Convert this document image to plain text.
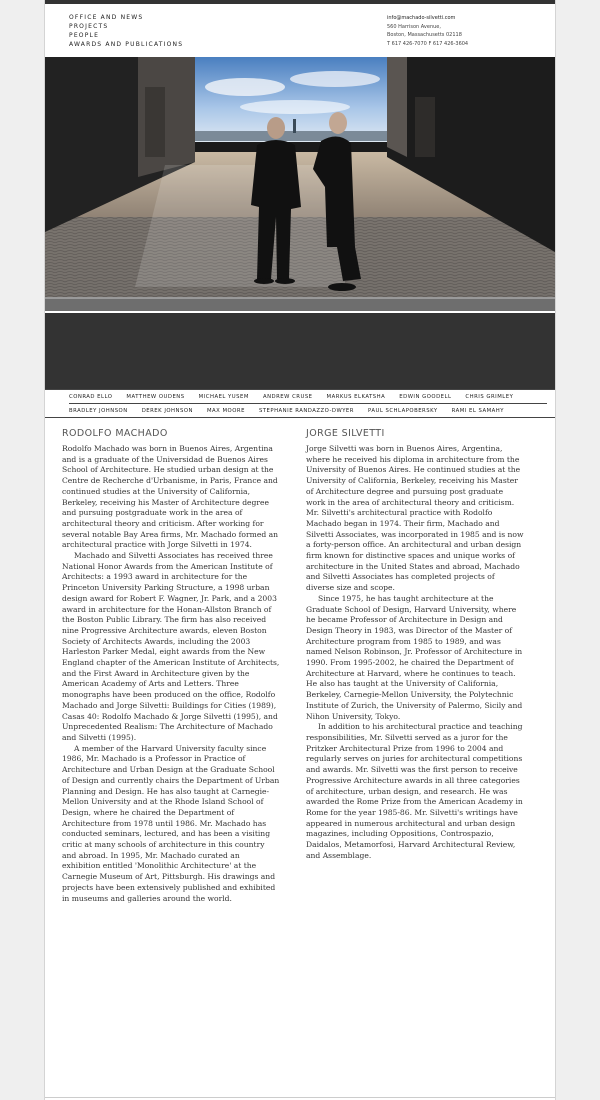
OFFICE AND NEWS
PROJECTS
PEOPLE
AWARDS AND PUBLICATIONS
info@machado-silvetti.com
560 Harrison Avenue,
Boston, Massachusetts 02118
T 617 426-7070 F 617 426-3604
CONRAD ELLO	MATTHEW OUDENS	MICHAEL YUSEM	ANDREW CRUSE	MARKUS ELKATSHA	EDWIN GOODELL	CHRIS GRIMLEY
BRADLEY JOHNSON	DEREK JOHNSON	MAX MOORE	STEPHANIE RANDAZZO-DWYER	PAUL SCHLAPOBERSKY	RAMI EL SAMAHY
RODOLFO MACHADO

Rodolfo Machado was born in Buenos Aires, Argentina and is a graduate of the Universidad de Buenos Aires School of Architecture. He studied urban design at the Centre de Recherche d'Urbanisme, in Paris, France and continued studies at the University of California, Berkeley, receiving his Master of Architecture degree and pursuing postgraduate work in the area of architectural theory and criticism. After working for several notable Bay Area firms, Mr. Machado formed an architectural practice with Jorge Silvetti in 1974.

Machado and Silvetti Associates has received three National Honor Awards from the American Institute of Architects: a 1993 award in architecture for the Princeton University Parking Structure, a 1998 urban design award for Robert F. Wagner, Jr. Park, and a 2003 award in architecture for the Honan-Allston Branch of the Boston Public Library. The firm has also received nine Progressive Architecture awards, eleven Boston Society of Architects Awards, including the 2003 Harleston Parker Medal, eight awards from the New England chapter of the American Institute of Architects, and the First Award in Architecture given by the American Academy of Arts and Letters. Three monographs have been produced on the office, Rodolfo Machado and Jorge Silvetti: Buildings for Cities (1989), Casas 40: Rodolfo Machado & Jorge Silvetti (1995), and Unprecedented Realism: The Architecture of Machado and Silvetti (1995).

A member of the Harvard University faculty since 1986, Mr. Machado is a Professor in Practice of Architecture and Urban Design at the Graduate School of Design and currently chairs the Department of Urban Planning and Design. He has also taught at Carnegie-Mellon University and at the Rhode Island School of Design, where he chaired the Department of Architecture from 1978 until 1986. Mr. Machado has conducted seminars, lectured, and has been a visiting critic at many schools of architecture in this country and abroad. In 1995, Mr. Machado curated an exhibition entitled 'Monolithic Architecture' at the Carnegie Museum of Art, Pittsburgh. His drawings and projects have been extensively published and exhibited in museums and galleries around the world.

JORGE SILVETTI

Jorge Silvetti was born in Buenos Aires, Argentina, where he received his diploma in architecture from the University of Buenos Aires. He continued studies at the University of California, Berkeley, receiving his Master of Architecture degree and pursuing post graduate work in the area of architectural theory and criticism. Mr. Silvetti's architectural practice with Rodolfo Machado began in 1974. Their firm, Machado and Silvetti Associates, was incorporated in 1985 and is now a forty-person office. An architectural and urban design firm known for distinctive spaces and unique works of architecture in the United States and abroad, Machado and Silvetti Associates has completed projects of diverse size and scope.

Since 1975, he has taught architecture at the Graduate School of Design, Harvard University, where he became Professor of Architecture in Design and Design Theory in 1983, was Director of the Master of Architecture program from 1985 to 1989, and was named Nelson Robinson, Jr. Professor of Architecture in 1990. From 1995-2002, he chaired the Department of Architecture at Harvard, where he continues to teach. He also has taught at the University of California, Berkeley, Carnegie-Mellon University, the Polytechnic Institute of Zurich, the University of Palermo, Sicily and Nihon University, Tokyo.

In addition to his architectural practice and teaching responsibilities, Mr. Silvetti served as a juror for the Pritzker Architectural Prize from 1996 to 2004 and regularly serves on juries for architectural competitions and awards. Mr. Silvetti was the first person to receive Progressive Architecture awards in all three categories of architecture, urban design, and research. He was awarded the Rome Prize from the American Academy in Rome for the year 1985-86. Mr. Silvetti's writings have appeared in numerous architectural and urban design magazines, including Oppositions, Controspazio, Daidalos, Metamorfosi, Harvard Architectural Review, and Assemblage.
